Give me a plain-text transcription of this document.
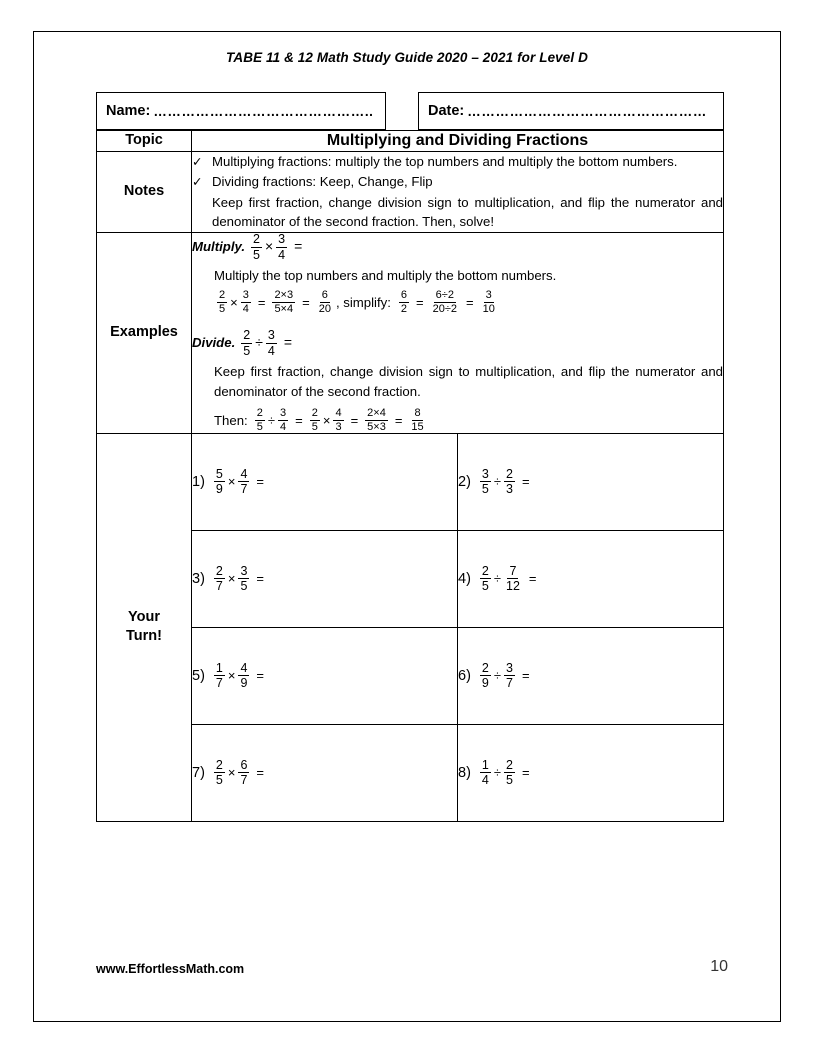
TABE 11 & 12 Math Study Guide 2020 – 2021 for Level D
Name: ………………………………………..	Date: ……………………………………………
Topic	Multiplying and Dividing Fractions	
Notes	✓ Multiplying fractions: multiply the top numbers and multiply the bottom numbers.
✓ Dividing fractions: Keep, Change, Flip
Keep first fraction, change division sign to multiplication, and flip the numerator and denominator of the second fraction. Then, solve!	

Examples	
Multiply. $\frac{2}{5} \times \frac{3}{4}$ =
Multiply the top numbers and multiply the bottom numbers.
$\frac{2}{5} \times \frac{3}{4} = \frac{2\times 3}{5\times 4} = \frac{6}{20}$ , simplify: $\frac{6}{2} = \frac{6\div 2}{20\div 2} = \frac{3}{10}$
Divide. $\frac{2}{5} \div \frac{3}{4}$ =
Keep first fraction, change division sign to multiplication, and flip the numerator and denominator of the second fraction.
Then: $\frac{2}{5} \div \frac{3}{4} = \frac{2}{5} \times \frac{4}{3} = \frac{2\times 4}{5\times 3} = \frac{8}{15}$

Your
Turn!

$1) \frac{5}{9} \times \frac{4}{7}$ =	$2) \frac{3}{5} \div \frac{2}{3}$ =

$3) \frac{2}{7} \times \frac{3}{5}$ =	$4) \frac{2}{5} \div \frac{7}{12}$ =

$5) \frac{1}{7} \times \frac{4}{9}$ =	$6) \frac{2}{9} \div \frac{3}{7}$ =

$7) \frac{2}{5} \times \frac{6}{7}$ =	$8) \frac{1}{4} \div \frac{2}{5}$ =
www.EffortlessMath.com	10
